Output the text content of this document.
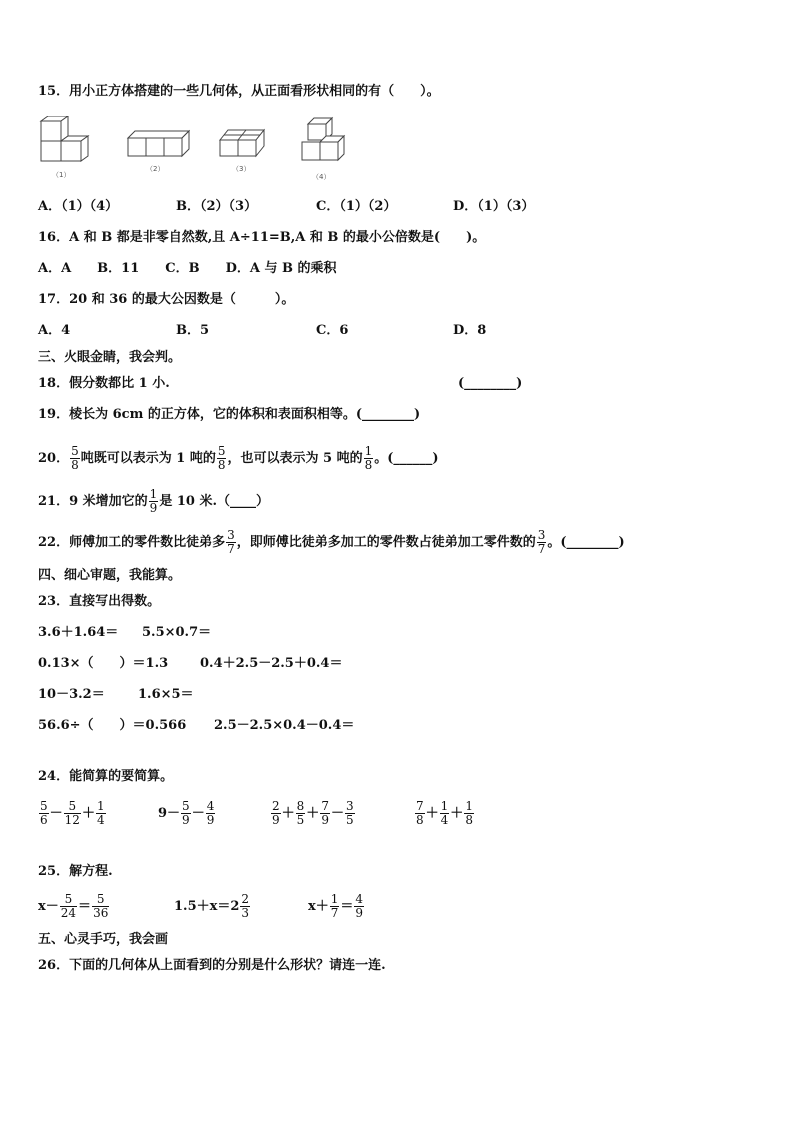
15．用小正方体搭建的一些几何体，从正面看形状相同的有（　　）。
（1）
（2）	（3）
（4）
A．（1）（4）	B．（2）（3）	C．（1）（2）	D．（1）（3）
16．A 和 B 都是非零自然数,且 A÷11=B,A 和 B 的最小公倍数是(　　)。
A．A　　B．11　　C．B　　D．A 与 B 的乘积
17．20 和 36 的最大公因数是（　　　）。
A．4	B．5	C．6	D．8
三、火眼金睛，我会判。
18．假分数都比 1 小.	(________)
19．棱长为 6cm 的正方体，它的体积和表面积相等。(________)
20． $\frac{5}{8}$ 吨既可以表示为 1 吨的 $\frac{5}{8}$ ，也可以表示为 5 吨的 $\frac{1}{8}$ 。(______)
21．9 米增加它的 $\frac{1}{9}$ 是 10 米.（____）
22．师傅加工的零件数比徒弟多 $\frac{3}{7}$ ，即师傅比徒弟多加工的零件数占徒弟加工零件数的 $\frac{3}{7}$ 。(________)
四、细心审题，我能算。
23．直接写出得数。
3.6＋1.64＝ 5.5×0.7＝
0.13×（　　）＝1.3 0.4＋2.5－2.5＋0.4＝
10－3.2＝	1.6×5＝
56.6÷（　　）＝0.566 2.5－2.5×0.4－0.4＝
24．能简算的要简算。
$\frac{5}{6} - \frac{5}{12} + \frac{1}{4}$	$9- \frac{5}{9} - \frac{4}{9}$	$\frac{2}{9} + \frac{8}{5} + \frac{7}{9} - \frac{3}{5}$	$\frac{7}{8} + \frac{1}{4} + \frac{1}{8}$
25．解方程.
$x- \frac{5}{24} = \frac{5}{36}$	$1.5+x=2 \frac{2}{3}$	$x+ \frac{1}{7} = \frac{4}{9}$
五、心灵手巧，我会画
26．下面的几何体从上面看到的分别是什么形状？请连一连.
